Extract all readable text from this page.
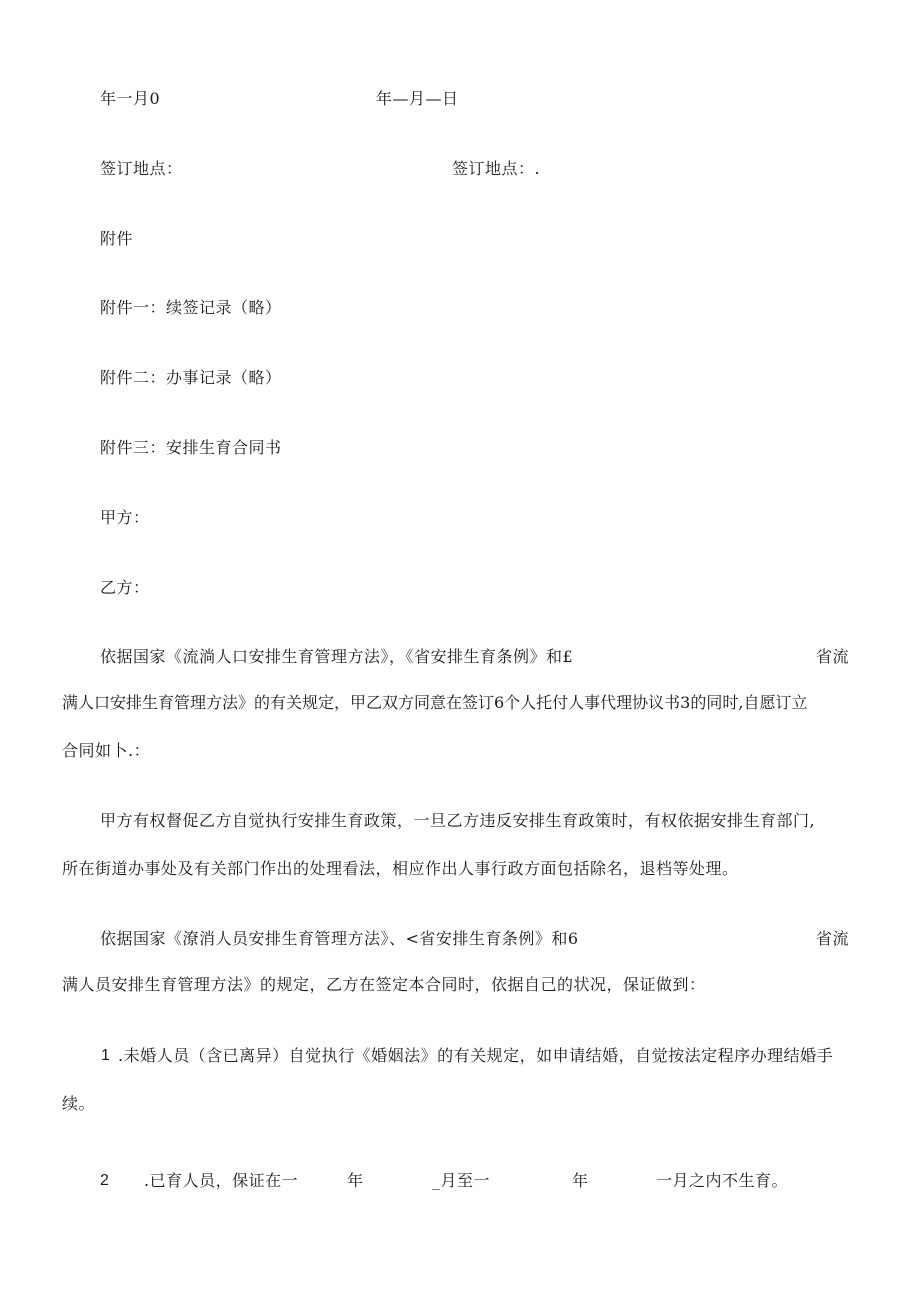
年一月0	年—月—日
签订地点：	签订地点：.
附件
附件一：续签记录（略）
附件二：办事记录（略）
附件三：安排生育合同书
甲方：
乙方：
依据国家《流淌人口安排生育管理方法》，《省安排生育条例》和£	省流
满人口安排生育管理方法》的有关规定，甲乙双方同意在签订6个人托付人事代理协议书3的同时,自愿订立
合同如卜.：
甲方有权督促乙方自觉执行安排生育政策，一旦乙方违反安排生育政策时，有权依据安排生育部门,
所在街道办事处及有关部门作出的处理看法，相应作出人事行政方面包括除名，退档等处理。
依据国家《潦消人员安排生育管理方法》、<省安排生育条例》和6	省流
满人员安排生育管理方法》的规定，乙方在签定本合同时，依据自己的状况，保证做到：
1 .未婚人员（含已离异）自觉执行《婚姻法》的有关规定，如申请结婚，自觉按法定程序办理结婚手
续。
2 .已育人员，保证在一	年	_月至一	年	一月之内不生育。
